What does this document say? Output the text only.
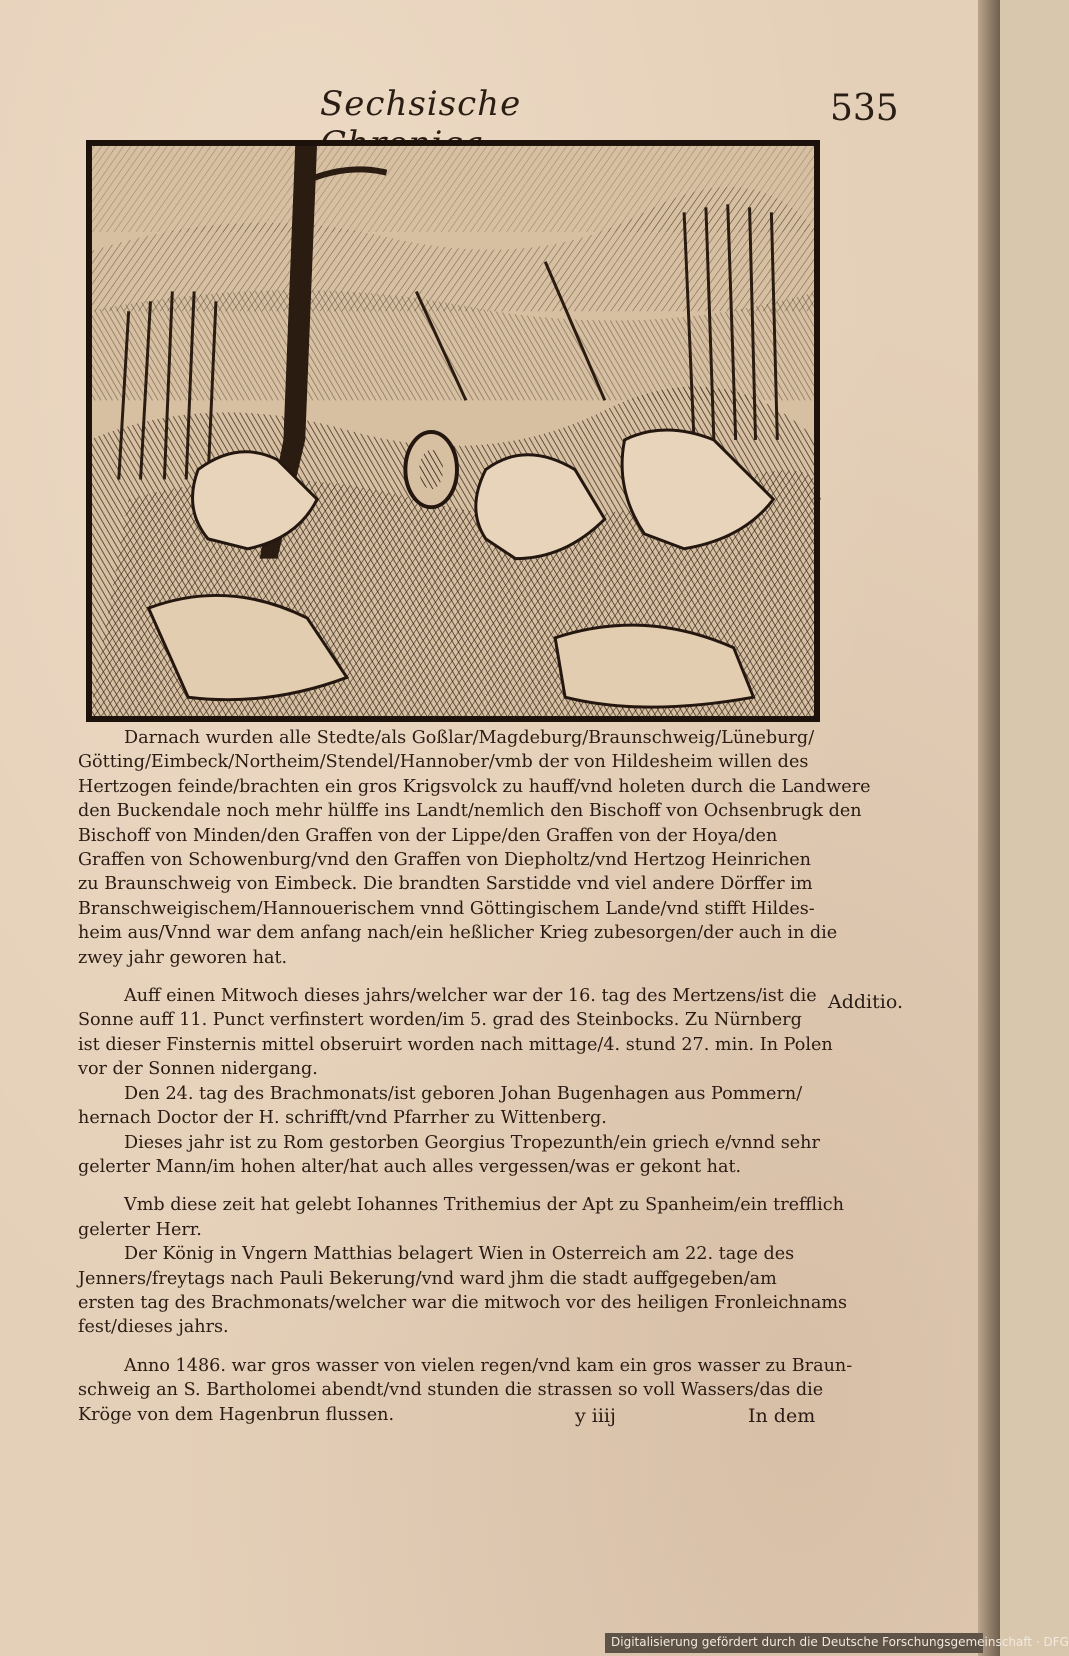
Sechsische	535

Darnach wurden alle Stedte/als Goßlar/Magdeburg/Braunschweig/Lüneburg/
Götting/Eimbeck/Northeim/Stendel/Hannober/vmb der von Hildesheim willen des
Hertzogen feinde/brachten ein gros Krigsvolck zu hauff/vnd holeten durch die Landwere
den Buckendale noch mehr hülffe ins Landt/nemlich den Bischoff von Ochsenbrugk den
Bischoff von Minden/den Graffen von der Lippe/den Graffen von der Hoya/den
Graffen von Schowenburg/vnd den Graffen von Diepholtz/vnd Hertzog Heinrichen
zu Braunschweig von Eimbeck. Die brandten Sarstidde vnd viel andere Dörffer im
Branschweigischem/Hannouerischem vnnd Göttingischem Lande/vnd stifft Hildes-
heim aus/Vnnd war dem anfang nach/ein heßlicher Krieg zubesorgen/der auch in die
zwey jahr geworen hat.

Auff einen Mitwoch dieses jahrs/welcher war der 16. tag des Mertzens/ist die
Sonne auff 11. Punct verfinstert worden/im 5. grad des Steinbocks. Zu Nürnberg
ist dieser Finsternis mittel obseruirt worden nach mittage/4. stund 27. min. In Polen
vor der Sonnen nidergang.

Den 24. tag des Brachmonats/ist geboren Johan Bugenhagen aus Pommern/
hernach Doctor der H. schrifft/vnd Pfarrher zu Wittenberg.

Dieses jahr ist zu Rom gestorben Georgius Tropezunth/ein griech e/vnnd sehr
gelerter Mann/im hohen alter/hat auch alles vergessen/was er gekont hat.

Vmb diese zeit hat gelebt Iohannes Trithemius der Apt zu Spanheim/ein trefflich
gelerter Herr.

Der König in Vngern Matthias belagert Wien in Osterreich am 22. tage des
Jenners/freytags nach Pauli Bekerung/vnd ward jhm die stadt auffgegeben/am
ersten tag des Brachmonats/welcher war die mitwoch vor des heiligen Fronleichnams
fest/dieses jahrs.

Anno 1486. war gros wasser von vielen regen/vnd kam ein gros wasser zu Braun-
schweig an S. Bartholomei abendt/vnd stunden die strassen so voll Wassers/das die
Kröge von dem Hagenbrun flussen.

Additio.
y iiij	In dem
Digitalisierung gefördert durch die Deutsche Forschungsgemeinschaft · DFG
